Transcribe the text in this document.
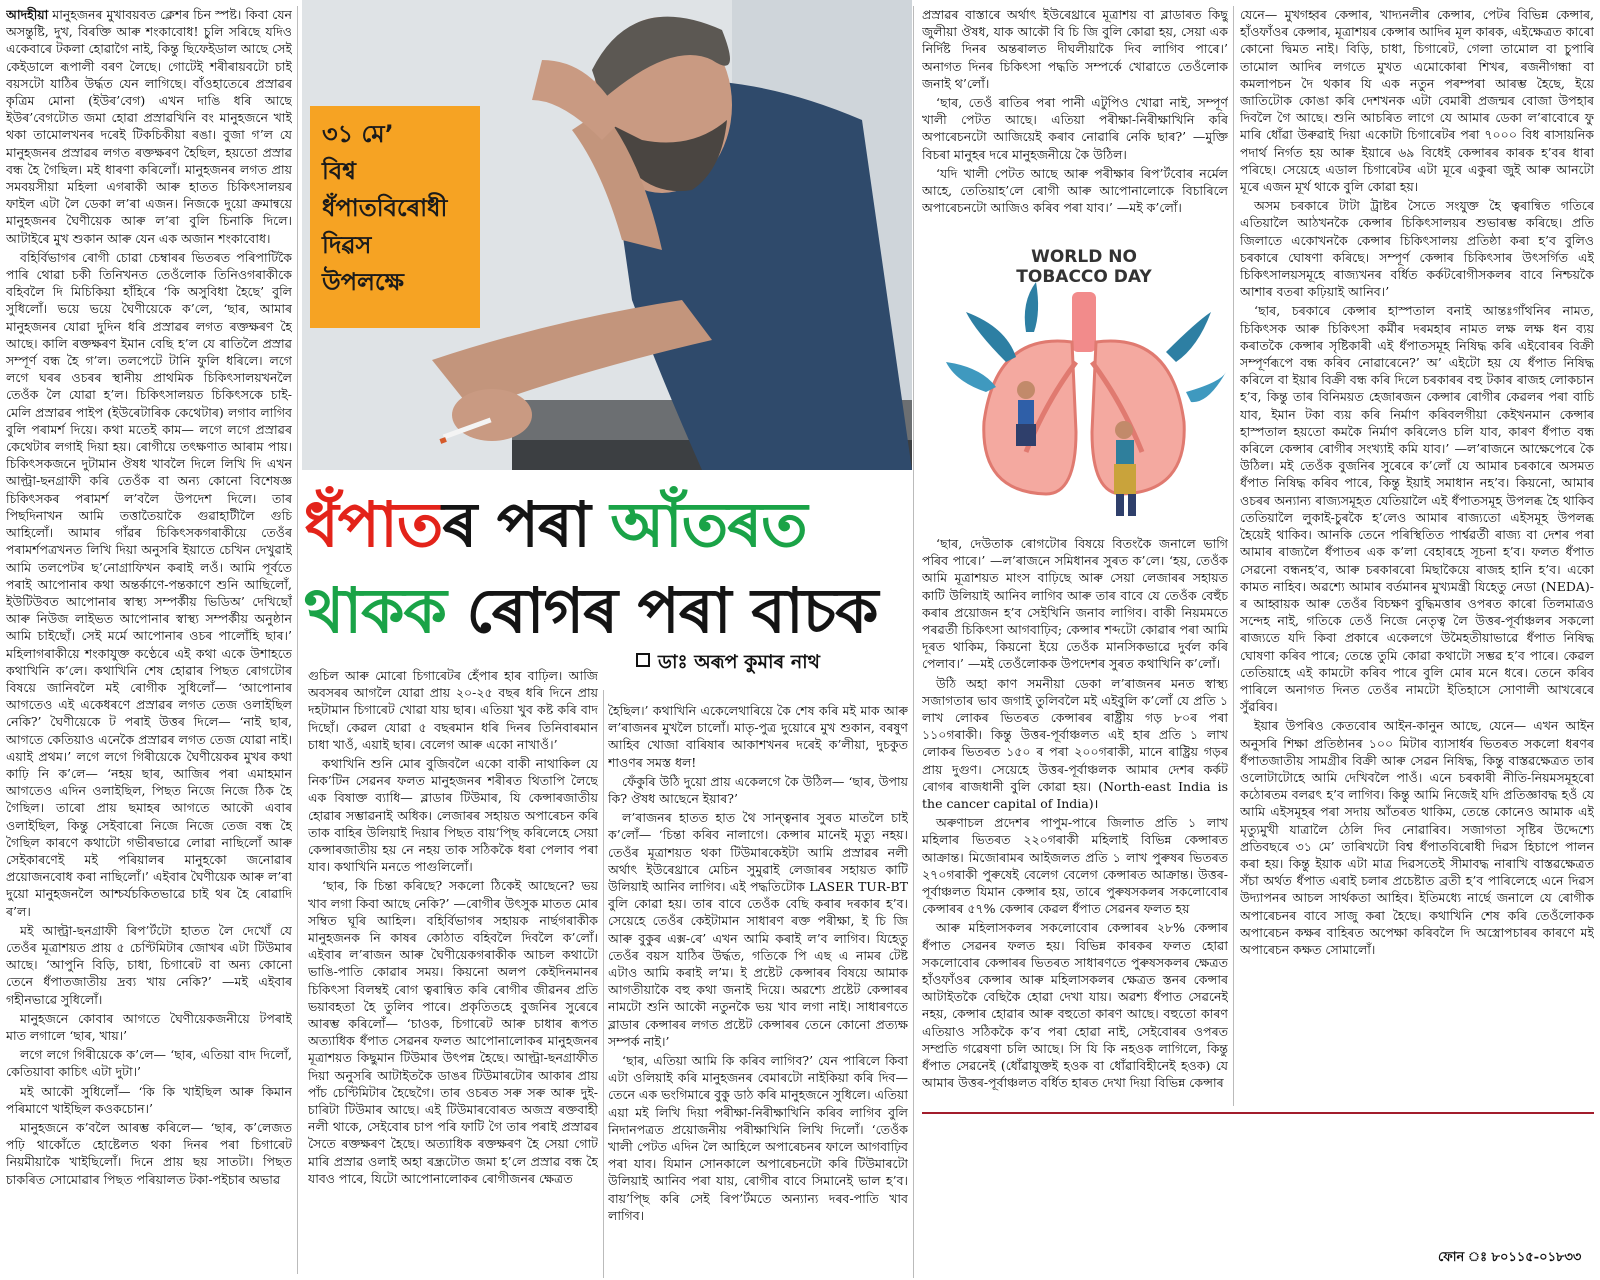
আদহীয়া মানুহজনৰ মুখাবয়বত ক্লেশৰ চিন স্পষ্ট। কিবা যেন অসন্তুষ্টি, দুখ, বিৰক্তি আৰু শংকাবোধ! চুলি সৰিছে যদিও একেবাৰে টকলা হোৱাগৈ নাই, কিন্তু ছিফেইডাল আছে সেই কেইডালে ৰূপালী বৰণ লৈছে। গোটেই শৰীৰায়বটো চাই বয়সটো যাঠিৰ উৰ্দ্ধত যেন লাগিছে। বাঁওহাতেৰে প্ৰস্ৰাৱৰ কৃত্ৰিম মোনা (ইউৰ’বেগ) এখন দাঙি ধৰি আছে ইউৰ’বেগটোত জমা হোৱা প্ৰস্ৰাৱখিনি বং মানুহজনে খাই থকা তামোলখনৰ দৰেই টিকচিকীয়া ৰঙা। বুজা গ’ল যে মানুহজনৰ প্ৰস্ৰাৱৰ লগত ৰক্তক্ষৰণ হৈছিল, হয়তো প্ৰস্ৰাৱ বন্ধ হৈ গৈছিল। মই ধাৰণা কৰিলোঁ। মানুহজনৰ লগত প্ৰায় সমবয়সীয়া মহিলা এগৰাকী আৰু হাতত চিকিৎসালয়ৰ ফাইল এটা লৈ ডেকা ল’ৰা এজন। নিজকে দুয়ো ক্ৰমান্বয়ে মানুহজনৰ ঘৈণীয়েক আৰু ল’ৰা বুলি চিনাকি দিলে। আটাইৰে মুখ শুকান আৰু যেন এক অজান শংকাবোধ।

বহিৰ্বিভাগৰ ৰোগী চোৱা চেম্বাৰৰ ভিতৰত পৰিপাটিকৈ পাৰি থোৱা চকী তিনিখনত তেওঁলোক তিনিওগৰাকীকে বহিবলৈ দি মিচিকিয়া হাঁহিৰে ‘কি অসুবিধা হৈছে’ বুলি সুধিলোঁ। ভয়ে ভয়ে ঘৈণীয়েকে ক’লে, ‘ছাৰ, আমাৰ মানুহজনৰ যোৱা দুদিন ধৰি প্ৰস্ৰাৱৰ লগত ৰক্তক্ষৰণ হৈ আছে। কালি ৰক্তক্ষৰণ ইমান বেছি হ’ল যে ৰাতিলৈ প্ৰস্ৰাৱ সম্পূৰ্ণ বন্ধ হৈ গ’ল। তলপেটে টানি ফুলি ধৰিলে। লগে লগে ঘৰৰ ওচৰৰ স্থানীয় প্ৰাথমিক চিকিৎসালয়খনলৈ তেওঁক লৈ যোৱা হ’ল। চিকিৎসালয়ত চিকিৎসকে চাই-মেলি প্ৰস্ৰাৱৰ পাইপ (ইউৰেটাৰিক কেথেটাৰ) লগাব লাগিব বুলি পৰামৰ্শ দিয়ে। কথা মতেই কাম— লগে লগে প্ৰস্ৰাৱৰ কেথেটাৰ লগাই দিয়া হয়। ৰোগীয়ে তৎক্ষণাত আৰাম পায়। চিকিৎসকজনে দুটামান ঔষধ খাবলৈ দিলে লিখি দি এখন আল্ট্ৰা-ছনগ্ৰাফী কৰি তেওঁক বা অন্য কোনো বিশেষজ্ঞ চিকিৎসকৰ পৰামৰ্শ ল’বলৈ উপদেশ দিলে। তাৰ পিছদিনাখন আমি তত্তাতৈয়াকৈ গুৱাহাটীলৈ গুচি আহিলোঁ। আমাৰ গাঁৱৰ চিকিৎসকগৰাকীয়ে তেওঁৰ পৰামৰ্শপত্ৰখনত লিখি দিয়া অনুসৰি ইয়াতে চেখিন দেখুৱাই আমি তলপেটৰ ছ’নোগ্ৰাফিখন কৰাই লওঁ। আমি পূৰ্বতে পৰাই আপোনাৰ কথা অন্তৰ্কাণে-পন্তকাণে শুনি আছিলোঁ, ইউটিউবত আপোনাৰ স্বাস্থ্য সম্পৰ্কীয় ভিডিঅ’ দেখিছোঁ আৰু নিউজ লাইভত আপোনাৰ স্বাস্থ্য সম্পৰ্কীয় অনুষ্ঠান আমি চাইছোঁ। সেই মৰ্মে আপোনাৰ ওচৰ পালোঁহি ছাৰ।’ মহিলাগৰাকীয়ে শংকাযুক্ত কণ্ঠেৰে এই কথা একে উশাহতে কথাখিনি ক’লে। কথাখিনি শেষ হোৱাৰ পিছত ৰোগটোৰ বিষয়ে জানিবলৈ মই ৰোগীক সুধিলোঁ— ‘আপোনাৰ আগতেও এই একেধৰণে প্ৰস্ৰাৱৰ লগত তেজ ওলাইছিল নেকি?’ ঘৈণীয়েকে ট পৰাই উত্তৰ দিলে— ‘নাই ছাৰ, আগতে কেতিয়াও এনেকৈ প্ৰস্ৰাৱৰ লগত তেজ যোৱা নাই। এয়াই প্ৰথম।’ লগে লগে গিৰীয়েকে ঘৈণীয়েকৰ মুখৰ কথা কাঢ়ি নি ক’লে— ‘নহয় ছাৰ, আজিৰ পৰা এমাহমান আগতেও এদিন ওলাইছিল, পিছত নিজে নিজে ঠিক হৈ গৈছিল। তাৰো প্ৰায় ছমাহৰ আগতে আকৌ এবাৰ ওলাইছিল, কিন্তু সেইবাৰো নিজে নিজে তেজ বন্ধ হৈ গৈছিল কাৰণে কথাটো গভীৰভাৱে লোৱা নাছিলোঁ আৰু সেইকাৰণেই মই পৰিয়ালৰ মানুহকো জনোৱাৰ প্ৰয়োজনবোধ কৰা নাছিলোঁ।’ এইবাৰ ঘৈণীয়েক আৰু ল’ৰা দুয়ো মানুহজনলৈ আশ্চৰ্যচকিতভাৱে চাই থৰ হৈ ৰোৱাদি ৰ’ল।

মই আল্ট্ৰা-ছনগ্ৰাফী ৰিপ’ৰ্টটো হাতত লৈ দেখোঁ যে তেওঁৰ মূত্ৰাশয়ত প্ৰায় ৫ চেণ্টিমিটাৰ জোখৰ এটা টিউমাৰ আছে। ‘আপুনি বিড়ি, চাধা, চিগাৰেট বা অন্য কোনো তেনে ধঁপাতজাতীয় দ্ৰব্য খায় নেকি?’ —মই এইবাৰ গহীনভাৱে সুধিলোঁ।

মানুহজনে কোবাৰ আগতে ঘৈণীয়েকজনীয়ে টপৰাই মাত লগালে ‘ছাৰ, খায়।’

লগে লগে গিৰীয়েকে ক’লে— ‘ছাৰ, এতিয়া বাদ দিলোঁ, কেতিয়াবা কাচিৎ এটা দুটা।’

মই আকৌ সুধিলোঁ— ‘কি কি খাইছিল আৰু কিমান পৰিমাণে খাইছিল কওকচোন।’

মানুহজনে ক’বলৈ আৰম্ভ কৰিলে— ‘ছাৰ, ক’লেজত পঢ়ি থাকোঁতে হোষ্টেলত থকা দিনৰ পৰা চিগাৰেট নিয়মীয়াকৈ খাইছিলোঁ। দিনে প্ৰায় ছয় সাতটা। পিছত চাকৰিত সোমোৱাৰ পিছত পৰিয়ালত টকা-পইচাৰ অভাৱ

৩১ মে’
বিশ্ব
ধঁপাতবিৰোধী
দিৱস
উপলক্ষে
ধঁপাতৰ পৰা আঁতৰত
থাকক ৰোগৰ পৰা বাচক
ডাঃ অৰূপ কুমাৰ নাথ

গুচিল আৰু মোৰো চিগাৰেটৰ হেঁপাৰ হাৰ বাঢ়িল। আজি অবসৰৰ আগলৈ যোৱা প্ৰায় ২০-২৫ বছৰ ধৰি দিনে প্ৰায় দহটামান চিগাৰেট খোৱা যায় ছাৰ। এতিয়া খুব কষ্ট কৰি বাদ দিছোঁ। কেৱল যোৱা ৫ বছৰমান ধৰি দিনৰ তিনিবাৰমান চাধা খাওঁ, এয়াই ছাৰ। বেলেগ আৰু একো নাখাওঁ।’

কথাখিনি শুনি মোৰ বুজিবলৈ একো বাকী নাথাকিল যে নিক’টিন সেৱনৰ ফলত মানুহজনৰ শৰীৰত থিতাপি লৈছে এক বিষাক্ত ব্যাধি— ব্লাডাৰ টিউমাৰ, যি কেন্সাৰজাতীয় হোৱাৰ সম্ভাৱনাই অধিক। লেজাৰৰ সহায়ত অপাৰেচন কৰি তাক বাহিৰ উলিয়াই দিয়াৰ পিছত বায়’প্ছি কৰিলেহে সেয়া কেন্সাৰজাতীয় হয় নে নহয় তাক সঠিককৈ ধৰা পেলাব পৰা যাব। কথাখিনি মনতে পাগুলিলোঁ।

‘ছাৰ, কি চিন্তা কৰিছে? সকলো ঠিকেই আছেনে? ভয় খাব লগা কিবা আছে নেকি?’ —ৰোগীৰ উৎসুক মাতত মোৰ সম্বিত ঘূৰি আহিল। বহিৰ্বিভাগৰ সহায়ক নাৰ্ছগৰাকীক মানুহজনক নি কাষৰ কোঠাত বহিবলৈ দিবলৈ ক’লোঁ। এইবাৰ ল’ৰাজন আৰু ঘৈণীয়েকগৰাকীক আচল কথাটো ভাঙি-পাতি কোৱাৰ সময়। কিয়নো অলপ কেইদিনমানৰ চিকিৎসা বিলম্বই ৰোগ ত্বৰান্বিত কৰি ৰোগীৰ জীৱনৰ প্ৰতি ভয়াবহতা হৈ তুলিব পাৰে। প্ৰকৃতিতহে বুজনিৰ সুৰেৰে আৰম্ভ কৰিলোঁ— ‘চাওক, চিগাৰেট আৰু চাধাৰ ৰূপত অত্যাধিক ধঁপাত সেৱনৰ ফলত আপোনালোকৰ মানুহজনৰ মূত্ৰাশয়ত কিছুমান টিউমাৰ উৎপন্ন হৈছে। আল্ট্ৰা-ছনগ্ৰাফীত দিয়া অনুসৰি আটাইতকৈ ডাঙৰ টিউমাৰটোৰ আকাৰ প্ৰায় পাঁচ চেণ্টিমিটাৰ হৈছেগৈ। তাৰ ওচৰত সৰু সৰু আৰু দুই-চাৰিটা টিউমাৰ আছে। এই টিউমাৰবোৰত অজস্ৰ ৰক্তবাহী নলী থাকে, সেইবোৰ চাপ পৰি ফাটি গৈ তাৰ পৰাই প্ৰস্ৰাৱৰ সৈতে ৰক্তক্ষৰণ হৈছে। অত্যাধিক ৰক্তক্ষৰণ হৈ সেয়া গোট মাৰি প্ৰস্ৰাৱ ওলাই অহা ৰন্ধ্ৰটোত জমা হ’লে প্ৰস্ৰাৱ বন্ধ হৈ যাবও পাৰে, যিটো আপোনালোকৰ ৰোগীজনৰ ক্ষেত্ৰত

হৈছিল।’ কথাখিনি একেলেথাৰিয়ে কৈ শেষ কৰি মই মাক আৰু ল’ৰাজনৰ মুখলৈ চালোঁ। মাতৃ-পুত্ৰ দুয়োৰে মুখ শুকান, বৰষুণ আহিব খোজা বাৰিষাৰ আকাশখনৰ দৰেই ক’লীয়া, দুচকুত শাওণৰ সমস্ত ধল!

ফেঁকুৰি উঠি দুয়ো প্ৰায় একেলগে কৈ উঠিল— ‘ছাৰ, উপায় কি? ঔষধ আছেনে ইয়াৰ?’

ল’ৰাজনৰ হাতত হাত থৈ সান্ত্বনাৰ সুৰত মাতলৈ চাই ক’লোঁ— ‘চিন্তা কৰিব নালাগে। কেন্সাৰ মানেই মৃত্যু নহয়। তেওঁৰ মূত্ৰাশয়ত থকা টিউমাৰকেইটা আমি প্ৰস্ৰাৱৰ নলী অৰ্থাৎ ইউৰেথ্ৰাৰে মেচিন সুমুৱাই লেজাৰৰ সহায়ত কাটি উলিয়াই আনিব লাগিব। এই পদ্ধতিটোক LASER TUR-BT বুলি কোৱা হয়। তাৰ বাবে তেওঁক বেছি কৰাৰ দৰকাৰ হ’ব। সেয়েহে তেওঁৰ কেইটামান সাধাৰণ ৰক্ত পৰীক্ষা, ই চি জি আৰু বুকুৰ এক্স-ৰে’ এখন আমি কৰাই ল’ব লাগিব। যিহেতু তেওঁৰ বয়স যাঠিৰ উৰ্দ্ধত, গতিকে পি এছ এ নামৰ টেষ্ট এটাও আমি কৰাই ল’ম। ই প্ৰষ্টেট কেন্সাৰৰ বিষয়ে আমাক আগতীয়াকৈ বহু কথা জনাই দিয়ে। অৱশ্যে প্ৰষ্টেট কেন্সাৰৰ নামটো শুনি আকৌ নতুনকৈ ভয় খাব লগা নাই। সাধাৰণতে ব্লাডাৰ কেন্সাৰৰ লগত প্ৰষ্টেট কেন্সাৰৰ তেনে কোনো প্ৰত্যক্ষ সম্পৰ্ক নাই।’

‘ছাৰ, এতিয়া আমি কি কৰিব লাগিব?’ যেন পাৰিলে কিবা এটা ওলিয়াই কৰি মানুহজনৰ বেমাৰটো নাইকিয়া কৰি দিব— তেনে এক ভংগিমাৰে বুকু ডাঠ কৰি মানুহজনে সুধিলে। এতিয়া এয়া মই লিখি দিয়া পৰীক্ষা-নিৰীক্ষাখিনি কৰিব লাগিব বুলি নিদানপত্ৰত প্ৰয়োজনীয় পৰীক্ষাখিনি লিখি দিলোঁ। ‘তেওঁক খালী পেটত এদিন লৈ আহিলে অপাৰেচনৰ ফালে আগবাঢ়িব পৰা যাব। যিমান সোনকালে অপাৰেচনটো কৰি টিউমাৰটো উলিয়াই আনিব পৰা যায়, ৰোগীৰ বাবে সিমানেই ভাল হ’ব। বায়’প্ছি কৰি সেই ৰিপ’ৰ্টমতে অন্যান্য দৰব-পাতি খাব লাগিব।

প্ৰস্ৰাৱৰ বাস্তাৰে অৰ্থাৎ ইউৰেথ্ৰাৰে মূত্ৰাশয় বা ব্লাডাৰত কিছু জুলীয়া ঔষধ, যাক আকৌ বি চি জি বুলি কোৱা হয়, সেয়া এক নিৰ্দিষ্ট দিনৰ অন্তৰালত দীঘলীয়াকৈ দিব লাগিব পাৰে।’ অনাগত দিনৰ চিকিৎসা পদ্ধতি সম্পৰ্কে খোৱাতে তেওঁলোক জনাই থ’লোঁ।

‘ছাৰ, তেওঁ ৰাতিৰ পৰা পানী এটুপিও খোৱা নাই, সম্পূৰ্ণ খালী পেটত আছে। এতিয়া পৰীক্ষা-নিৰীক্ষাখিনি কৰি অপাৰেচনটো আজিয়েই কৰাব নোৱাৰি নেকি ছাৰ?’ —মুক্তি বিচৰা মানুহৰ দৰে মানুহজনীয়ে কৈ উঠিল।

‘যদি খালী পেটত আছে আৰু পৰীক্ষাৰ ৰিপ’ৰ্টবোৰ নৰ্মেল আহে, তেতিয়াহ’লে ৰোগী আৰু আপোনালোকে বিচাৰিলে অপাৰেচনটো আজিও কৰিব পৰা যাব।’ —মই ক’লোঁ।

WORLD NO
TOBACCO DAY

‘ছাৰ, দেউতাক ৰোগটোৰ বিষয়ে বিতংকৈ জনালে ভাগি পৰিব পাৰে।’ —ল’ৰাজনে সমিধানৰ সুৰত ক’লে। ‘হয়, তেওঁক আমি মূত্ৰাশয়ত মাংস বাঢ়িছে আৰু সেয়া লেজাৰৰ সহায়ত কাটি উলিয়াই আনিব লাগিব আৰু তাৰ বাবে যে তেওঁক বেহুঁচ কৰাৰ প্ৰয়োজন হ’ব সেইখিনি জনাব লাগিব। বাকী নিয়মমতে পৰৱৰ্তী চিকিৎসা আগবাঢ়িব; কেন্সাৰ শব্দটো কোৱাৰ পৰা আমি দূৰত থাকিম, কিয়নো ইয়ে তেওঁক মানসিকভাৱে দুৰ্বল কৰি পেলাব।’ —মই তেওঁলোকক উপদেশৰ সুৰত কথাখিনি ক’লোঁ।

উঠি অহা কাণ সমনীয়া ডেকা ল’ৰাজনৰ মনত স্বাস্থ্য সজাগতাৰ ভাব জগাই তুলিবলৈ মই এইবুলি ক’লোঁ যে প্ৰতি ১ লাখ লোকৰ ভিতৰত কেন্সাৰৰ ৰাষ্ট্ৰীয় গড় ৮০ৰ পৰা ১১০গৰাকী। কিন্তু উত্তৰ-পূৰ্বাঞ্চলত এই হাৰ প্ৰতি ১ লাখ লোকৰ ভিতৰত ১৫০ ৰ পৰা ২০০গৰাকী, মানে ৰাষ্ট্ৰিয় গড়ৰ প্ৰায় দুগুণ। সেয়েহে উত্তৰ-পূৰ্বাঞ্চলক আমাৰ দেশৰ কৰ্কট ৰোগৰ ৰাজধানী বুলি কোৱা হয়। (North-east India is the cancer capital of India)।

অৰুণাচল প্ৰদেশৰ পাপুম-পাৰে জিলাত প্ৰতি ১ লাখ মহিলাৰ ভিতৰত ২২০গৰাকী মহিলাই বিভিন্ন কেন্সাৰত আক্ৰান্ত। মিজোৰামৰ আইজলত প্ৰতি ১ লাখ পুৰুষৰ ভিতৰত ২৭০গৰাকী পুৰুষেই বেলেগ বেলেগ কেন্সাৰত আক্ৰান্ত। উত্তৰ-পূৰ্বাঞ্চলত যিমান কেন্সাৰ হয়, তাৰে পুৰুষসকলৰ সকলোবোৰ কেন্সাৰৰ ৫৭% কেন্সাৰ কেৱল ধঁপাত সেৱনৰ ফলত হয়

আৰু মহিলাসকলৰ সকলোবোৰ কেন্সাৰৰ ২৮% কেন্সাৰ ধঁপাত সেৱনৰ ফলত হয়। বিভিন্ন কাৰকৰ ফলত হোৱা সকলোবোৰ কেন্সাৰৰ ভিতৰত সাধাৰণতে পুৰুষসকলৰ ক্ষেত্ৰত হাঁওফাঁওৰ কেন্সাৰ আৰু মহিলাসকলৰ ক্ষেত্ৰত স্তনৰ কেন্সাৰ আটাইতকৈ বেছিকৈ হোৱা দেখা যায়। অৱশ্য ধঁপাত সেৱনেই নহয়, কেন্সাৰ হোৱাৰ আৰু বহুতো কাৰণ আছে। বহুতো কাৰণ এতিয়াও সঠিককৈ ক’ব পৰা হোৱা নাই, সেইবোৰৰ ওপৰত সম্প্ৰতি গৱেষণা চলি আছে। সি যি কি নহওক লাগিলে, কিন্তু ধঁপাত সেৱনেই (ধোঁৱাযুক্তই হওক বা ধোঁৱাবিহীনেই হওক) যে আমাৰ উত্তৰ-পূৰ্বাঞ্চলত বৰ্ধিত হাৰত দেখা দিয়া বিভিন্ন কেন্সাৰ

যেনে— মুখগহ্বৰ কেন্সাৰ, খাদ্যনলীৰ কেন্সাৰ, পেটৰ বিভিন্ন কেন্সাৰ, হাঁওফাঁওৰ কেন্সাৰ, মূত্ৰাশয়ৰ কেন্সাৰ আদিৰ মূল কাৰক, এইক্ষেত্ৰত কাৰো কোনো দ্বিমত নাই। বিড়ি, চাধা, চিগাৰেট, গেলা তামোল বা চুপাৰি তামোল আদিৰ লগতে মুখত এমোকোৰা শিখৰ, ৰজনীগন্ধা বা কমলাপচন দৈ থকাৰ যি এক নতুন পৰম্পৰা আৰম্ভ হৈছে, ইয়ে জাতিটোক কোঙা কৰি দেশখনক এটা বেমাৰী প্ৰজন্মৰ বোজা উপহাৰ দিবলৈ গৈ আছে। শুনি আচৰিত লাগে যে আমাৰ ডেকা ল’ৰাবোৰে ফু মাৰি ধোঁৱা উৰুৱাই দিয়া একোটা চিগাৰেটৰ পৰা ৭০০০ বিধ ৰাসায়নিক পদাৰ্থ নিৰ্গত হয় আৰু ইয়াৰে ৬৯ বিধেই কেন্সাৰৰ কাৰক হ’বৰ ধাৰা পৰিছে। সেয়েহে এডাল চিগাৰেটৰ এটা মূৰে একুৰা জুই আৰু আনটো মূৰে এজন মূৰ্খ থাকে বুলি কোৱা হয়।

অসম চৰকাৰে টাটা ট্ৰাষ্টৰ সৈতে সংযুক্ত হৈ ত্বৰান্বিত গতিৰে এতিয়ালৈ আঠখনকৈ কেন্সাৰ চিকিৎসালয়ৰ শুভাৰম্ভ কৰিছে। প্ৰতি জিলাতে একোখনকৈ কেন্সাৰ চিকিৎসালয় প্ৰতিষ্ঠা কৰা হ’ব বুলিও চৰকাৰে ঘোষণা কৰিছে। সম্পূৰ্ণ কেন্সাৰ চিকিৎসাৰ উৎসৰ্গিত এই চিকিৎসালয়সমূহে ৰাজ্যখনৰ বৰ্ধিত কৰ্কটৰোগীসকলৰ বাবে নিশ্চয়কৈ আশাৰ বতৰা কঢ়িয়াই আনিব।’

‘ছাৰ, চৰকাৰে কেন্সাৰ হাস্পতাল বনাই আন্তঃগাঁথনিৰ নামত, চিকিৎসক আৰু চিকিৎসা কৰ্মীৰ দৰমহাৰ নামত লক্ষ লক্ষ ধন ব্যয় কৰাতকৈ কেন্সাৰ সৃষ্টিকাৰী এই ধঁপাতসমূহ নিষিদ্ধ কৰি এইবোৰৰ বিক্ৰী সম্পূৰ্ণৰূপে বন্ধ কৰিব নোৱাৰেনে?’ অ’ এইটো হয় যে ধঁপাত নিষিদ্ধ কৰিলে বা ইয়াৰ বিক্ৰী বন্ধ কৰি দিলে চৰকাৰৰ বহু টকাৰ ৰাজহ লোকচান হ’ব, কিন্তু তাৰ বিনিময়ত হেজাৰজন কেন্সাৰ ৰোগীৰ কেৱলৰ পৰা বাচি যাব, ইমান টকা ব্যয় কৰি নিৰ্মাণ কৰিবলগীয়া কেইখনমান কেন্সাৰ হাস্পতাল হয়তো কমকৈ নিৰ্মাণ কৰিলেও চলি যাব, কাৰণ ধঁপাত বন্ধ কৰিলে কেন্সাৰ ৰোগীৰ সংখ্যাই কমি যাব।’ —ল’ৰাজনে আক্ষেপেৰে কৈ উঠিল। মই তেওঁক বুজনিৰ সুৰেৰে ক’লোঁ যে আমাৰ চৰকাৰে অসমত ধঁপাত নিষিদ্ধ কৰিব পাৰে, কিন্তু ইয়াই সমাধান নহ’ব। কিয়নো, আমাৰ ওচৰৰ অন্যান্য ৰাজ্যসমূহত যেতিয়ালৈ এই ধঁপাতসমূহ উপলব্ধ হৈ থাকিব তেতিয়ালৈ লুকাই-চুৰকৈ হ’লেও আমাৰ ৰাজ্যতো এইসমূহ উপলব্ধ হৈয়েই থাকিব। আনকি তেনে পৰিস্থিতিত পাৰ্শ্বৱৰ্তী ৰাজ্য বা দেশৰ পৰা আমাৰ ৰাজ্যলৈ ধঁপাতৰ এক ক’লা বেহাৰহে সূচনা হ’ব। ফলত ধঁপাত সেৱনো বন্ধনহ’ব, আৰু চৰকাৰৰো মিছাকৈয়ে ৰাজহ হানি হ’ব। একো কামত নাহিব। অৱশ্যে আমাৰ বৰ্তমানৰ মুখ্যমন্ত্ৰী যিহেতু নেডা (NEDA)-ৰ আহ্বায়ক আৰু তেওঁৰ বিচক্ষণ বুদ্ধিমত্তাৰ ওপৰত কাৰো তিলমাত্ৰও সন্দেহ নাই, গতিকে তেওঁ নিজে নেতৃত্ব লৈ উত্তৰ-পূৰ্বাঞ্চলৰ সকলো ৰাজ্যতে যদি কিবা প্ৰকাৰে একেলগে উমৈহতীয়াভাৱে ধঁপাত নিষিদ্ধ ঘোষণা কৰিব পাৰে; তেন্তে তুমি কোৱা কথাটো সম্ভৱ হ’ব পাৰে। কেৱল তেতিয়াহে এই কামটো কৰিব পাৰে বুলি মোৰ মনে ধৰে। তেনে কৰিব পাৰিলে অনাগত দিনত তেওঁৰ নামটো ইতিহাসে সোণালী আখৰেৰে সুঁৱৰিব।

ইয়াৰ উপৰিও কেতবোৰ আইন-কানুন আছে, যেনে— এখন আইন অনুসৰি শিক্ষা প্ৰতিষ্ঠানৰ ১০০ মিটাৰ ব্যাসাৰ্ধৰ ভিতৰত সকলো ধৰণৰ ধঁপাতজাতীয় সামগ্ৰীৰ বিক্ৰী আৰু সেৱন নিষিদ্ধ, কিন্তু বাস্তৱক্ষেত্ৰত তাৰ ওলোটাটোহে আমি দেখিবলৈ পাওঁ। এনে চৰকাৰী নীতি-নিয়মসমূহৰো কঠোৰতম বলৱৎ হ’ব লাগিব। কিন্তু আমি নিজেই যদি প্ৰতিজ্ঞাবদ্ধ হওঁ যে আমি এইসমূহৰ পৰা সদায় আঁতৰত থাকিম, তেন্তে কোনেও আমাক এই মৃত্যুমুখী যাত্ৰালৈ ঠেলি দিব নোৱাৰিব। সজাগতা সৃষ্টিৰ উদ্দেশ্যে প্ৰতিবছৰে ৩১ মে’ তাৰিখটো বিশ্ব ধঁপাতবিৰোধী দিৱস হিচাপে পালন কৰা হয়। কিন্তু ইয়াক এটা মাত্ৰ দিৱসতেই সীমাবদ্ধ নাৰাখি বাস্তৱক্ষেত্ৰত সঁচা অৰ্থত ধঁপাত এৰাই চলাৰ প্ৰচেষ্টাত ব্ৰতী হ’ব পাৰিলেহে এনে দিৱস উদ্যাপনৰ আচল সাৰ্থকতা আহিব। ইতিমধ্যে নাৰ্ছে জনালে যে ৰোগীক অপাৰেচনৰ বাবে সাজু কৰা হৈছে। কথাখিনি শেষ কৰি তেওঁলোকক অপাৰেচন কক্ষৰ বাহিৰত অপেক্ষা কৰিবলৈ দি অস্ত্ৰোপচাৰৰ কাৰণে মই অপাৰেচন কক্ষত সোমালোঁ।

ফোন ঃ ৮০১১৫-০১৮৩৩
